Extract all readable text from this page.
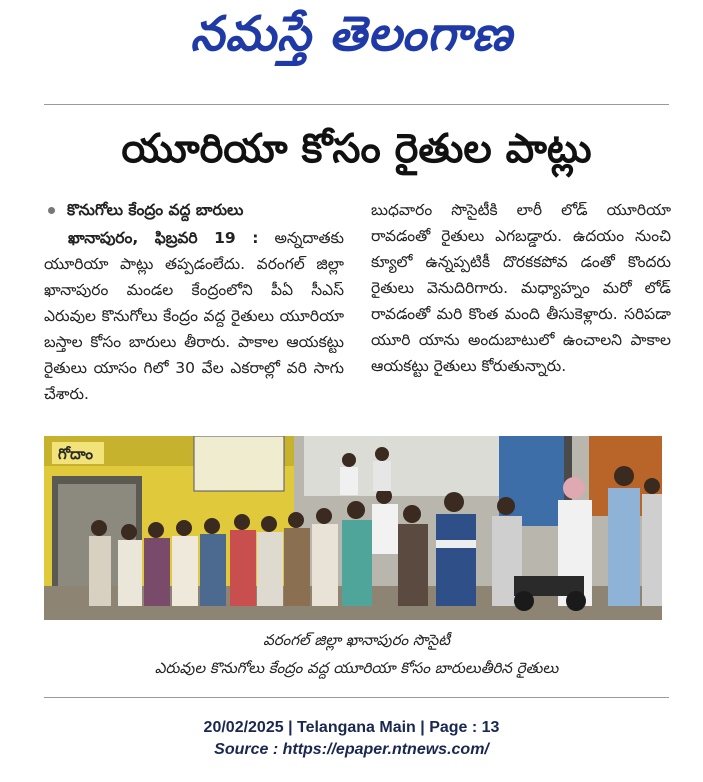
నమస్తే తెలంగాణ
యూరియా కోసం రైతుల పాట్లు
కొనుగోలు కేంద్రం వద్ద బారులు
ఖానాపురం, ఫిబ్రవరి 19 : అన్నదాతకు యూరియా పాట్లు తప్పడంలేదు. వరంగల్ జిల్లా ఖానాపురం మండల కేంద్రంలోని పీఏ సీఎస్ ఎరువుల కొనుగోలు కేంద్రం వద్ద రైతులు యూరియా బస్తాల కోసం బారులు తీరారు. పాకాల ఆయకట్టు రైతులు యాసం గిలో 30 వేల ఎకరాల్లో వరి సాగు చేశారు.
బుధవారం సొసైటీకి లారీ లోడ్ యూరియా రావడంతో రైతులు ఎగబడ్డారు. ఉదయం నుంచి క్యూలో ఉన్నప్పటికీ దొరకకపోవ డంతో కొందరు రైతులు వెనుదిరిగారు. మధ్యాహ్నం మరో లోడ్ రావడంతో మరి కొంత మంది తీసుకెళ్లారు. సరిపడా యూరి యాను అందుబాటులో ఉంచాలని పాకాల ఆయకట్టు రైతులు కోరుతున్నారు.
గోదాం
వరంగల్ జిల్లా ఖానాపురం సొసైటీ
ఎరువుల కొనుగోలు కేంద్రం వద్ద యూరియా కోసం బారులుతీరిన రైతులు
20/02/2025 | Telangana Main | Page : 13
Source : https://epaper.ntnews.com/
